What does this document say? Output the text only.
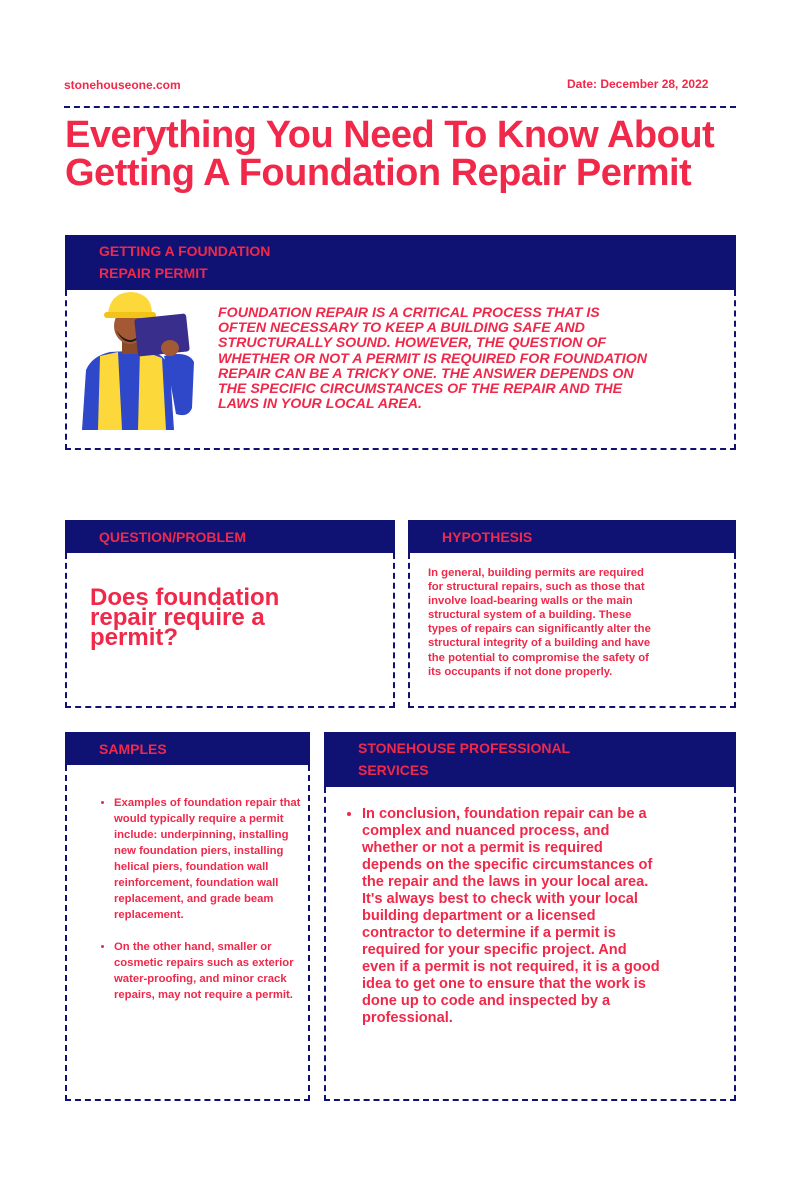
stonehouseone.com	Date: December 28, 2022
Everything You Need To Know About Getting A Foundation Repair Permit
GETTING A FOUNDATION REPAIR PERMIT
FOUNDATION REPAIR IS A CRITICAL PROCESS THAT IS OFTEN NECESSARY TO KEEP A BUILDING SAFE AND STRUCTURALLY SOUND. HOWEVER, THE QUESTION OF WHETHER OR NOT A PERMIT IS REQUIRED FOR FOUNDATION REPAIR CAN BE A TRICKY ONE. THE ANSWER DEPENDS ON THE SPECIFIC CIRCUMSTANCES OF THE REPAIR AND THE LAWS IN YOUR LOCAL AREA.
QUESTION/PROBLEM
Does foundation repair require a permit?
HYPOTHESIS
In general, building permits are required for structural repairs, such as those that involve load-bearing walls or the main structural system of a building. These types of repairs can significantly alter the structural integrity of a building and have the potential to compromise the safety of its occupants if not done properly.
SAMPLES
• Examples of foundation repair that would typically require a permit include: underpinning, installing new foundation piers, installing helical piers, foundation wall reinforcement, foundation wall replacement, and grade beam replacement.
• On the other hand, smaller or cosmetic repairs such as exterior water-proofing, and minor crack repairs, may not require a permit.
STONEHOUSE PROFESSIONAL SERVICES
• In conclusion, foundation repair can be a complex and nuanced process, and whether or not a permit is required depends on the specific circumstances of the repair and the laws in your local area. It's always best to check with your local building department or a licensed contractor to determine if a permit is required for your specific project. And even if a permit is not required, it is a good idea to get one to ensure that the work is done up to code and inspected by a professional.
